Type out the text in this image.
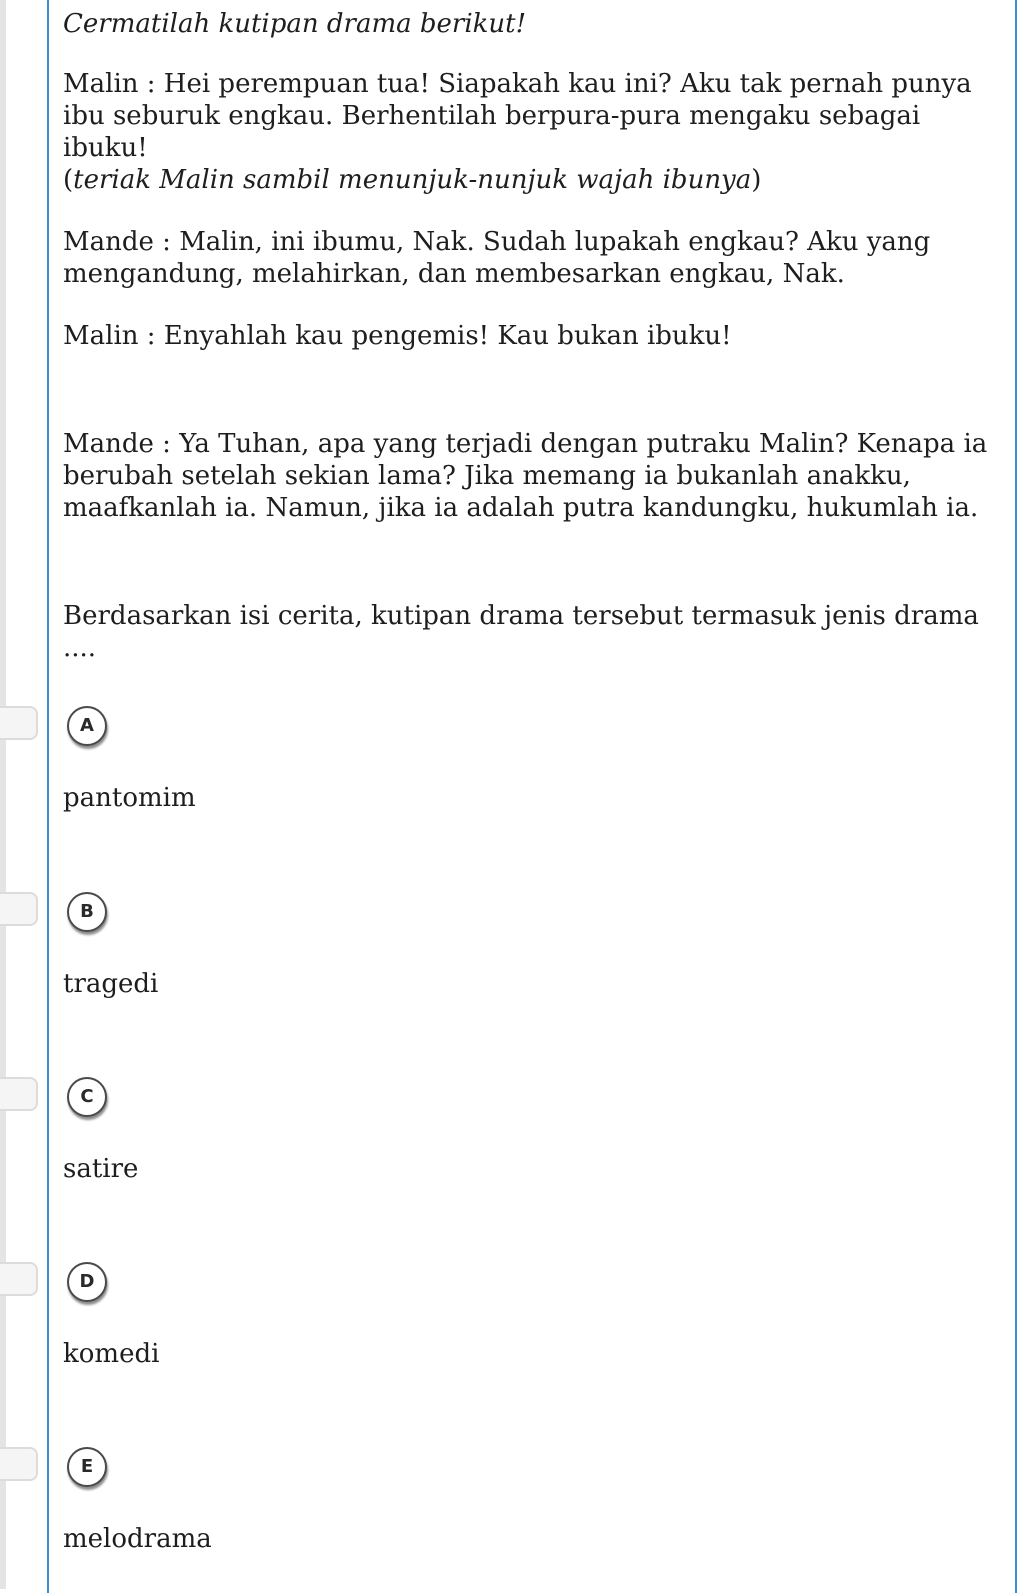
Cermatilah kutipan drama berikut!

Malin : Hei perempuan tua! Siapakah kau ini? Aku tak pernah punya ibu seburuk engkau. Berhentilah berpura-pura mengaku sebagai ibuku!
(teriak Malin sambil menunjuk-nunjuk wajah ibunya)

Mande : Malin, ini ibumu, Nak. Sudah lupakah engkau? Aku yang mengandung, melahirkan, dan membesarkan engkau, Nak.

Malin : Enyahlah kau pengemis! Kau bukan ibuku!

Mande : Ya Tuhan, apa yang terjadi dengan putraku Malin? Kenapa ia berubah setelah sekian lama? Jika memang ia bukanlah anakku, maafkanlah ia. Namun, jika ia adalah putra kandungku, hukumlah ia.

Berdasarkan isi cerita, kutipan drama tersebut termasuk jenis drama ....

A
pantomim
B
tragedi
C
satire
D
komedi
E
melodrama
